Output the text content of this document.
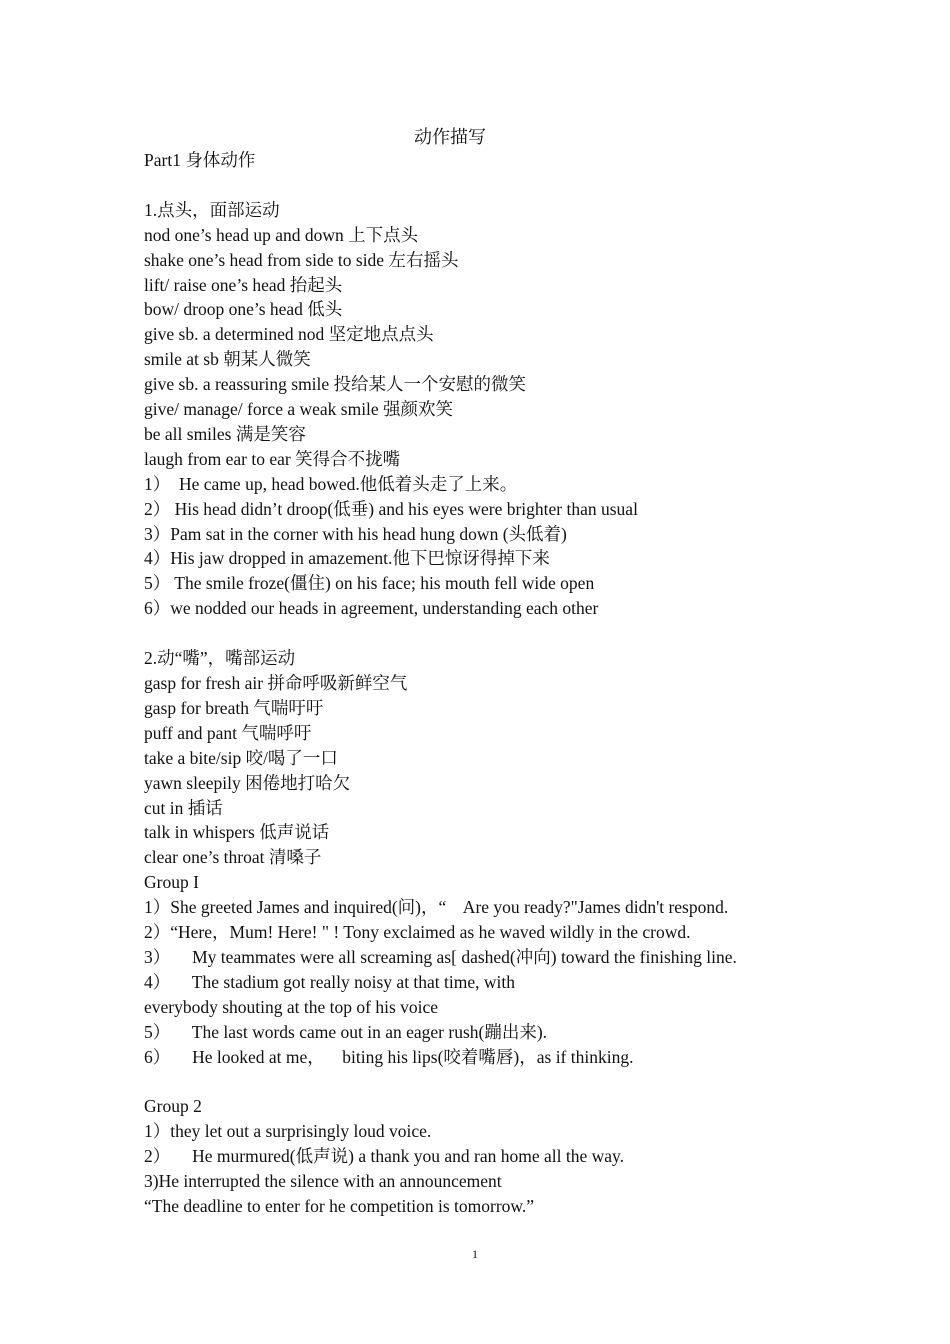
动作描写
Part1 身体动作
1.点头，面部运动
nod one’s head up and down 上下点头
shake one’s head from side to side 左右摇头
lift/ raise one’s head 抬起头
bow/ droop one’s head 低头
give sb. a determined nod 坚定地点点头
smile at sb 朝某人微笑
give sb. a reassuring smile 投给某人一个安慰的微笑
give/ manage/ force a weak smile 强颜欢笑
be all smiles 满是笑容
laugh from ear to ear 笑得合不拢嘴
1）  He came up, head bowed.他低着头走了上来。
2） His head didn’t droop(低垂) and his eyes were brighter than usual
3）Pam sat in the corner with his head hung down (头低着)
4）His jaw dropped in amazement.他下巴惊讶得掉下来
5） The smile froze(僵住) on his face; his mouth fell wide open
6）we nodded our heads in agreement, understanding each other
2.动“嘴”，嘴部运动
gasp for fresh air 拼命呼吸新鲜空气
gasp for breath 气喘吁吁
puff and pant 气喘呼吁
take a bite/sip 咬/喝了一口
yawn sleepily 困倦地打哈欠
cut in 插话
talk in whispers 低声说话
clear one’s throat 清嗓子
Group I
1）She greeted James and inquired(问)，“    Are you ready?"James didn't respond.
2）“Here，Mum! Here! " ! Tony exclaimed as he waved wildly in the crowd.
3）     My teammates were all screaming as[ dashed(冲向) toward the finishing line.
4）     The stadium got really noisy at that time, with
everybody shouting at the top of his voice
5）     The last words came out in an eager rush(蹦出来).
6）     He looked at me，    biting his lips(咬着嘴唇)，as if thinking.
Group 2
1）they let out a surprisingly loud voice.
2）     He murmured(低声说) a thank you and ran home all the way.
3)He interrupted the silence with an announcement
“The deadline to enter for he competition is tomorrow.”
1
